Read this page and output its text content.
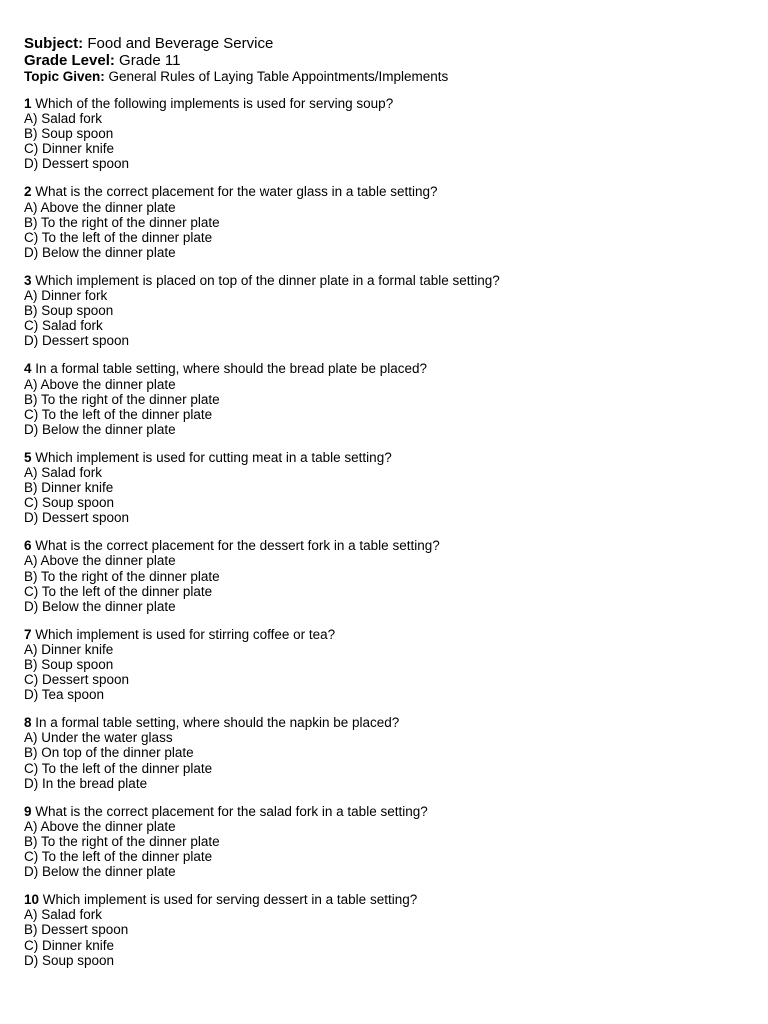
Subject: Food and Beverage Service

Grade Level: Grade 11

Topic Given: General Rules of Laying Table Appointments/Implements

1 Which of the following implements is used for serving soup?

A) Salad fork

B) Soup spoon

C) Dinner knife

D) Dessert spoon

2 What is the correct placement for the water glass in a table setting?

A) Above the dinner plate

B) To the right of the dinner plate

C) To the left of the dinner plate

D) Below the dinner plate

3 Which implement is placed on top of the dinner plate in a formal table setting?

A) Dinner fork

B) Soup spoon

C) Salad fork

D) Dessert spoon

4 In a formal table setting, where should the bread plate be placed?

A) Above the dinner plate

B) To the right of the dinner plate

C) To the left of the dinner plate

D) Below the dinner plate

5 Which implement is used for cutting meat in a table setting?

A) Salad fork

B) Dinner knife

C) Soup spoon

D) Dessert spoon

6 What is the correct placement for the dessert fork in a table setting?

A) Above the dinner plate

B) To the right of the dinner plate

C) To the left of the dinner plate

D) Below the dinner plate

7 Which implement is used for stirring coffee or tea?

A) Dinner knife

B) Soup spoon

C) Dessert spoon

D) Tea spoon

8 In a formal table setting, where should the napkin be placed?

A) Under the water glass

B) On top of the dinner plate

C) To the left of the dinner plate

D) In the bread plate

9 What is the correct placement for the salad fork in a table setting?

A) Above the dinner plate

B) To the right of the dinner plate

C) To the left of the dinner plate

D) Below the dinner plate

10 Which implement is used for serving dessert in a table setting?

A) Salad fork

B) Dessert spoon

C) Dinner knife

D) Soup spoon
